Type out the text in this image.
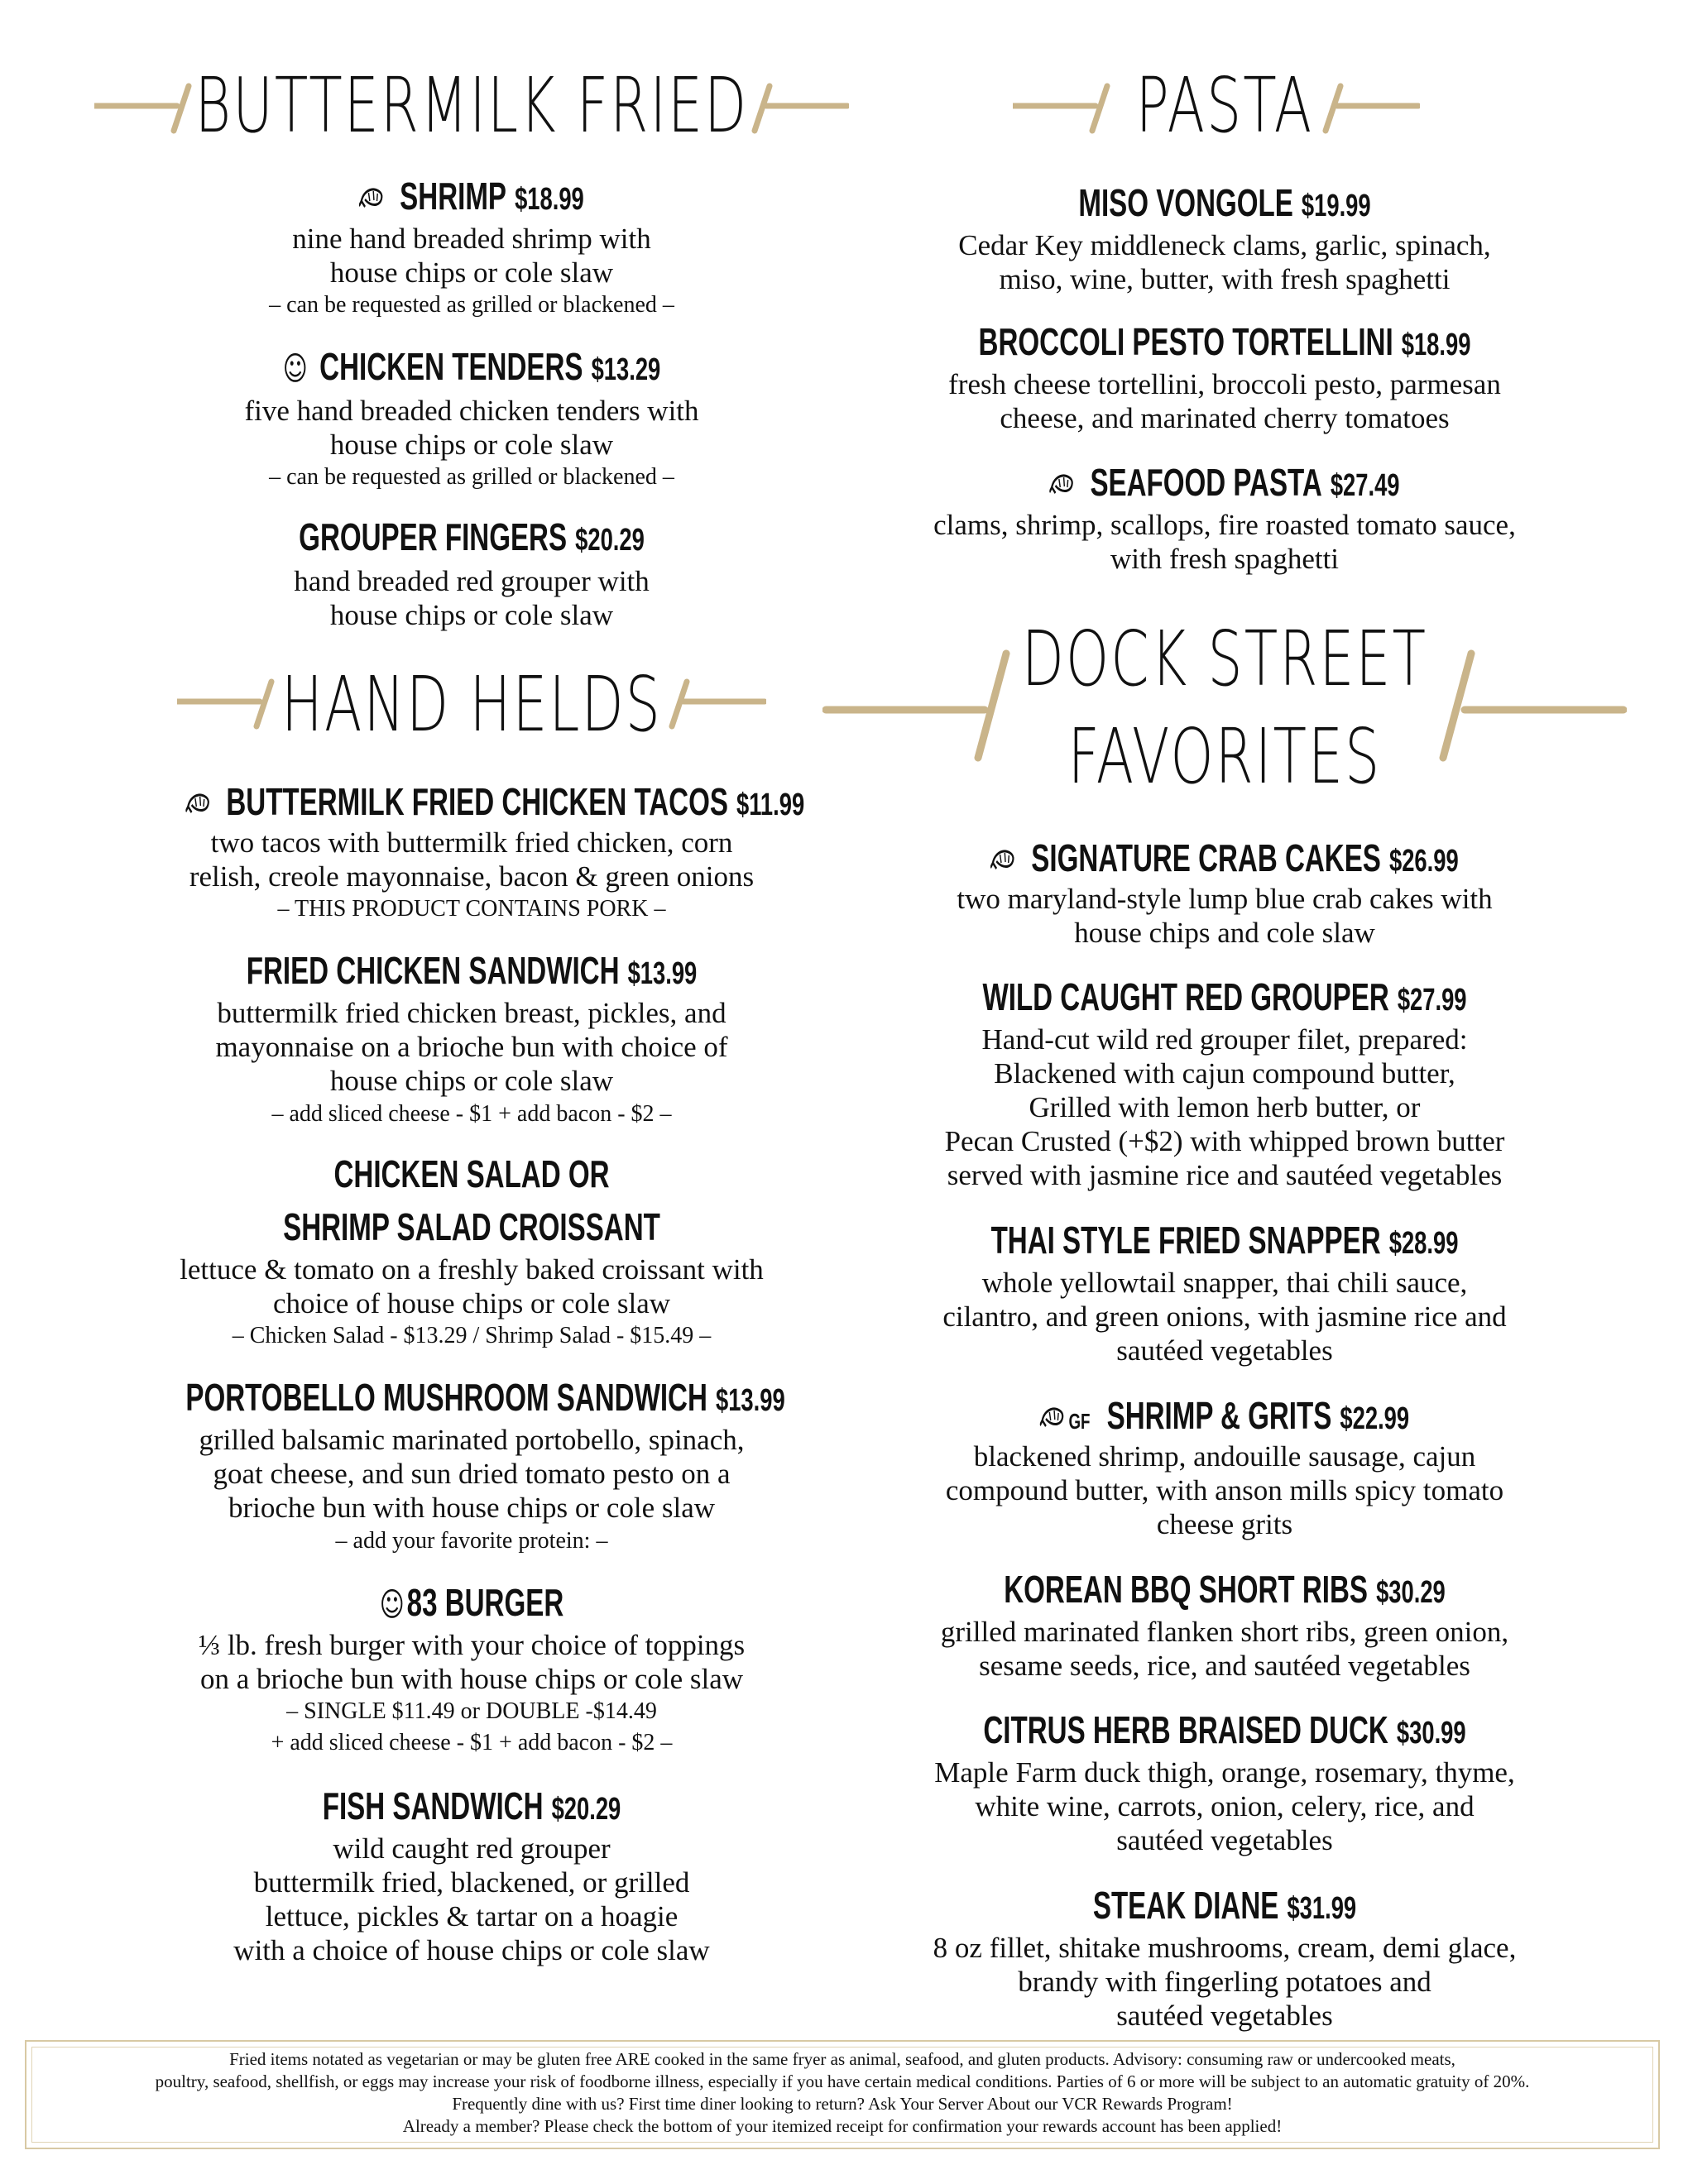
BUTTERMILK FRIED
SHRIMP $18.99
nine hand breaded shrimp with
house chips or cole slaw
– can be requested as grilled or blackened –
☺ CHICKEN TENDERS $13.29
five hand breaded chicken tenders with
house chips or cole slaw
– can be requested as grilled or blackened –
GROUPER FINGERS $20.29
hand breaded red grouper with
house chips or cole slaw
HAND HELDS
BUTTERMILK FRIED CHICKEN TACOS $11.99
two tacos with buttermilk fried chicken, corn
relish, creole mayonnaise, bacon & green onions
– THIS PRODUCT CONTAINS PORK –
FRIED CHICKEN SANDWICH $13.99
buttermilk fried chicken breast, pickles, and
mayonnaise on a brioche bun with choice of
house chips or cole slaw
– add sliced cheese - $1 + add bacon - $2 –
CHICKEN SALAD OR
SHRIMP SALAD CROISSANT
lettuce & tomato on a freshly baked croissant with
choice of house chips or cole slaw
– Chicken Salad - $13.29 / Shrimp Salad - $15.49 –
PORTOBELLO MUSHROOM SANDWICH $13.99
grilled balsamic marinated portobello, spinach,
goat cheese, and sun dried tomato pesto on a
brioche bun with house chips or cole slaw
– add your favorite protein: –
☺83 BURGER
⅓ lb. fresh burger with your choice of toppings
on a brioche bun with house chips or cole slaw
– SINGLE $11.49 or DOUBLE -$14.49
+ add sliced cheese - $1 + add bacon - $2 –
FISH SANDWICH $20.29
wild caught red grouper
buttermilk fried, blackened, or grilled
lettuce, pickles & tartar on a hoagie
with a choice of house chips or cole slaw
PASTA
MISO VONGOLE $19.99
Cedar Key middleneck clams, garlic, spinach,
miso, wine, butter, with fresh spaghetti
BROCCOLI PESTO TORTELLINI $18.99
fresh cheese tortellini, broccoli pesto, parmesan
cheese, and marinated cherry tomatoes
SEAFOOD PASTA $27.49
clams, shrimp, scallops, fire roasted tomato sauce,
with fresh spaghetti
DOCK STREET
FAVORITES
SIGNATURE CRAB CAKES $26.99
two maryland-style lump blue crab cakes with
house chips and cole slaw
WILD CAUGHT RED GROUPER $27.99
Hand-cut wild red grouper filet, prepared:
Blackened with cajun compound butter,
Grilled with lemon herb butter, or
Pecan Crusted (+$2) with whipped brown butter
served with jasmine rice and sautéed vegetables
THAI STYLE FRIED SNAPPER $28.99
whole yellowtail snapper, thai chili sauce,
cilantro, and green onions, with jasmine rice and
sautéed vegetables
GF SHRIMP & GRITS $22.99
blackened shrimp, andouille sausage, cajun
compound butter, with anson mills spicy tomato
cheese grits
KOREAN BBQ SHORT RIBS $30.29
grilled marinated flanken short ribs, green onion,
sesame seeds, rice, and sautéed vegetables
CITRUS HERB BRAISED DUCK $30.99
Maple Farm duck thigh, orange, rosemary, thyme,
white wine, carrots, onion, celery, rice, and
sautéed vegetables
STEAK DIANE $31.99
8 oz fillet, shitake mushrooms, cream, demi glace,
brandy with fingerling potatoes and
sautéed vegetables
Fried items notated as vegetarian or may be gluten free ARE cooked in the same fryer as animal, seafood, and gluten products. Advisory: consuming raw or undercooked meats,
poultry, seafood, shellfish, or eggs may increase your risk of foodborne illness, especially if you have certain medical conditions. Parties of 6 or more will be subject to an automatic gratuity of 20%.
Frequently dine with us? First time diner looking to return? Ask Your Server About our VCR Rewards Program!
Already a member? Please check the bottom of your itemized receipt for confirmation your rewards account has been applied!
